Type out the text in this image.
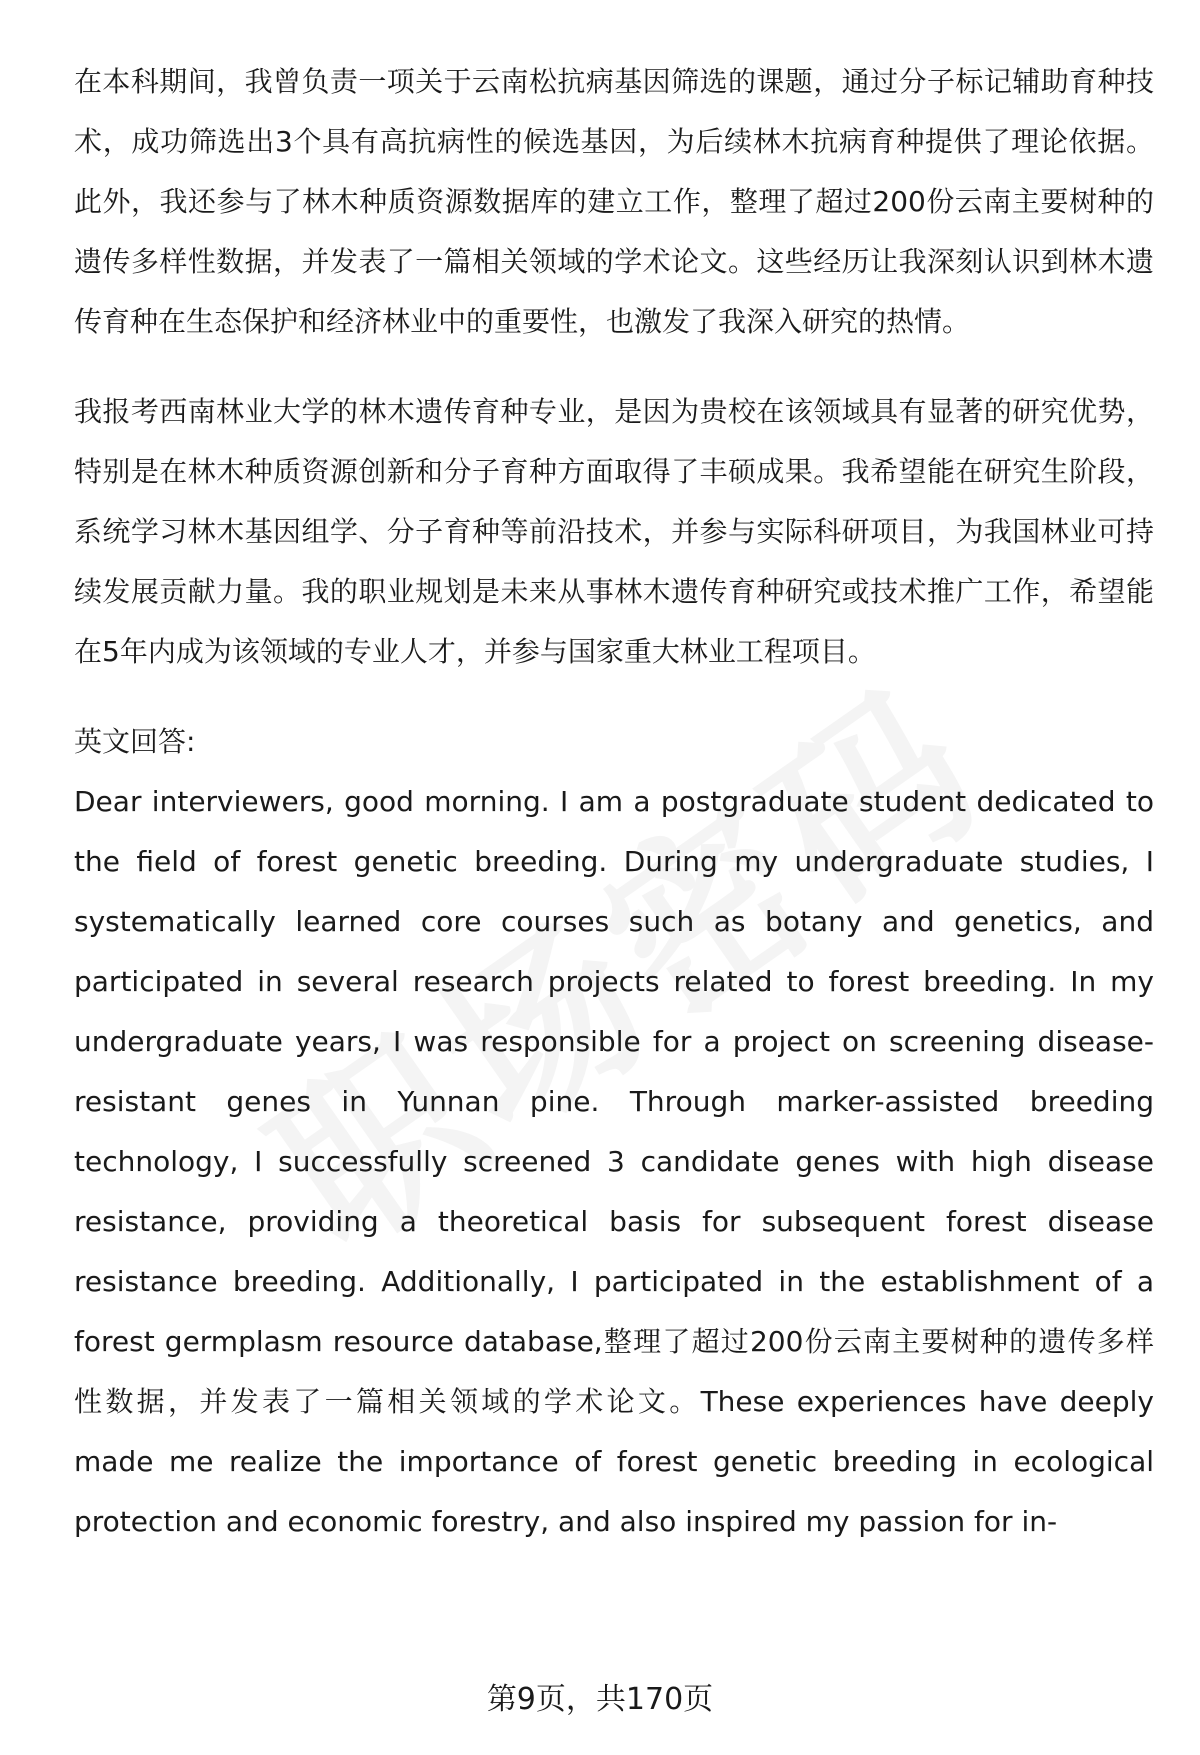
在本科期间，我曾负责一项关于云南松抗病基因筛选的课题，通过分子标记辅助育种技术，成功筛选出3个具有高抗病性的候选基因，为后续林木抗病育种提供了理论依据。此外，我还参与了林木种质资源数据库的建立工作，整理了超过200份云南主要树种的遗传多样性数据，并发表了一篇相关领域的学术论文。这些经历让我深刻认识到林木遗传育种在生态保护和经济林业中的重要性，也激发了我深入研究的热情。

我报考西南林业大学的林木遗传育种专业，是因为贵校在该领域具有显著的研究优势，特别是在林木种质资源创新和分子育种方面取得了丰硕成果。我希望能在研究生阶段，系统学习林木基因组学、分子育种等前沿技术，并参与实际科研项目，为我国林业可持续发展贡献力量。我的职业规划是未来从事林木遗传育种研究或技术推广工作，希望能在5年内成为该领域的专业人才，并参与国家重大林业工程项目。

英文回答:

Dear interviewers, good morning. I am a postgraduate student dedicated to the field of forest genetic breeding. During my undergraduate studies, I systematically learned core courses such as botany and genetics, and participated in several research projects related to forest breeding. In my undergraduate years, I was responsible for a project on screening disease-resistant genes in Yunnan pine. Through marker-assisted breeding technology, I successfully screened 3 candidate genes with high disease resistance, providing a theoretical basis for subsequent forest disease resistance breeding. Additionally, I participated in the establishment of a forest germplasm resource database,整理了超过200份云南主要树种的遗传多样性数据，并发表了一篇相关领域的学术论文。These experiences have deeply made me realize the importance of forest genetic breeding in ecological protection and economic forestry, and also inspired my passion for in-

第9页，共170页
